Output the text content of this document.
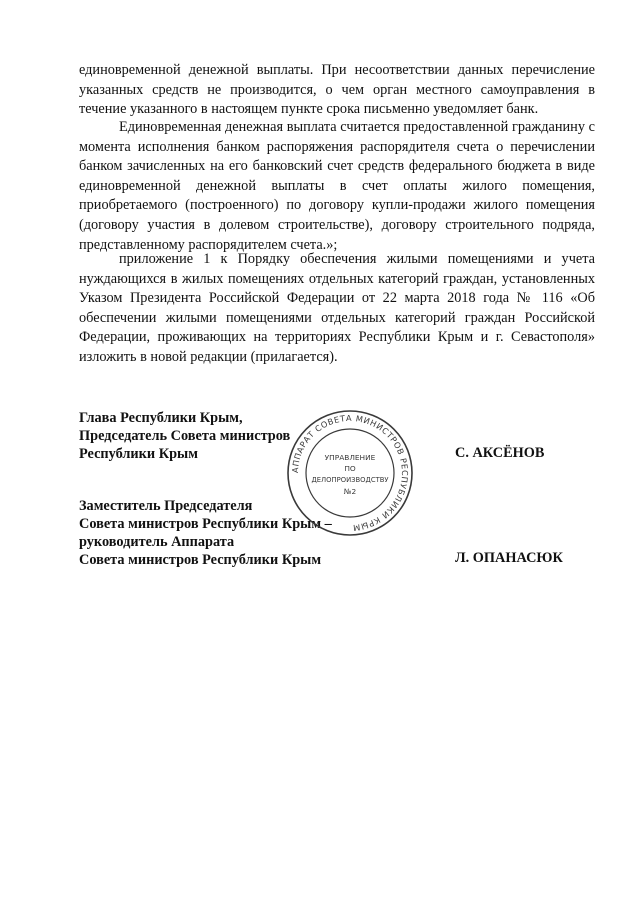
единовременной денежной выплаты. При несоответствии данных перечисление указанных средств не производится, о чем орган местного самоуправления в течение указанного в настоящем пункте срока письменно уведомляет банк.

Единовременная денежная выплата считается предоставленной гражданину с момента исполнения банком распоряжения распорядителя счета о перечислении банком зачисленных на его банковский счет средств федерального бюджета в виде единовременной денежной выплаты в счет оплаты жилого помещения, приобретаемого (построенного) по договору купли-продажи жилого помещения (договору участия в долевом строительстве), договору строительного подряда, представленному распорядителем счета.»;

приложение 1 к Порядку обеспечения жилыми помещениями и учета нуждающихся в жилых помещениях отдельных категорий граждан, установленных Указом Президента Российской Федерации от 22 марта 2018 года № 116 «Об обеспечении жилыми помещениями отдельных категорий граждан Российской Федерации, проживающих на территориях Республики Крым и г. Севастополя» изложить в новой редакции (прилагается).

Глава Республики Крым,
Председатель Совета министров
Республики Крым	С. АКСЁНОВ
Заместитель Председателя
Совета министров Республики Крым –
руководитель Аппарата
Совета министров Республики Крым	Л. ОПАНАСЮК
АППАРАТ СОВЕТА МИНИСТРОВ РЕСПУБЛИКИ КРЫМ
УПРАВЛЕНИЕ
ПО
ДЕЛОПРОИЗВОДСТВУ
№2
